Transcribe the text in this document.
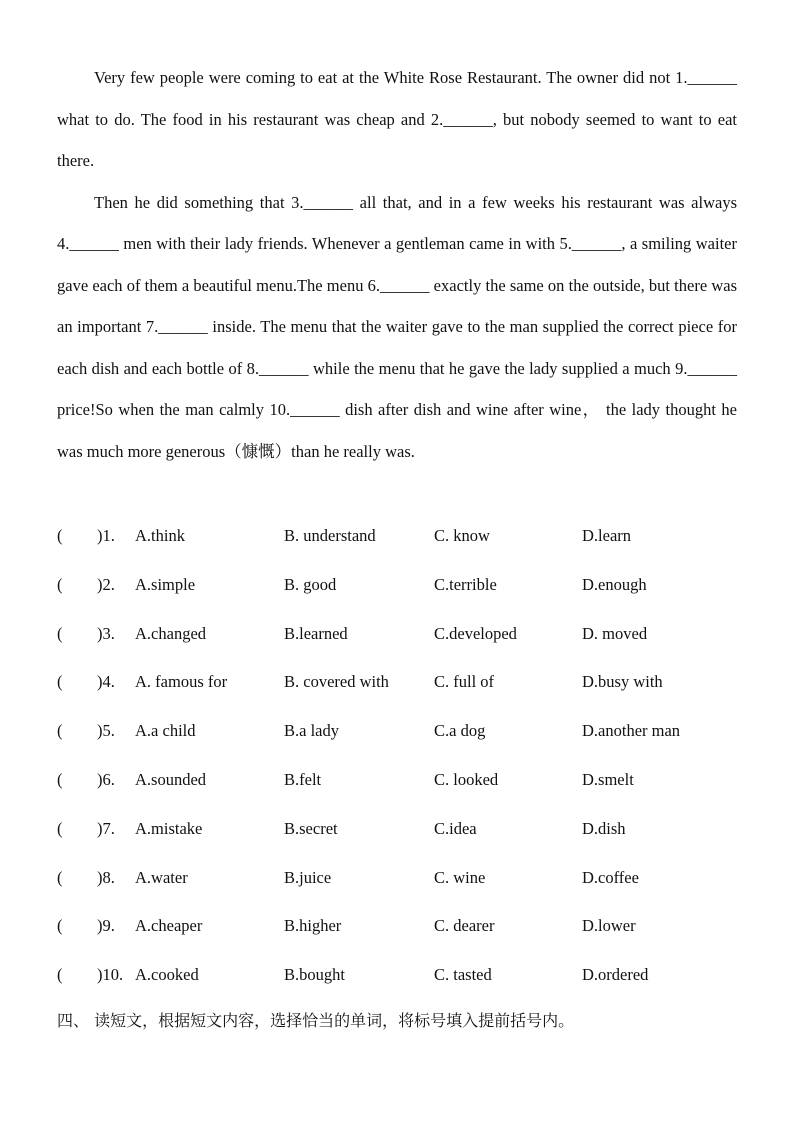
Very few people were coming to eat at the White Rose Restaurant. The owner did not 1.______ what to do. The food in his restaurant was cheap and 2.______, but nobody seemed to want to eat there.

Then he did something that 3.______ all that, and in a few weeks his restaurant was always 4.______ men with their lady friends. Whenever a gentleman came in with 5.______, a smiling waiter gave each of them a beautiful menu.The menu 6.______ exactly the same on the outside, but there was an important 7.______ inside. The menu that the waiter gave to the man supplied the correct piece for each dish and each bottle of 8.______ while the menu that he gave the lady supplied a much 9.______ price!So when the man calmly 10.______ dish after dish and wine after wine， the lady thought he was much more generous（慷慨）than he really was.

( )1. A.think	B. understand	C. know	D.learn
( )2. A.simple	B. good	C.terrible	D.enough
( )3. A.changed	B.learned	C.developed	D. moved
( )4. A. famous for	B. covered with	C. full of	D.busy with
( )5. A.a child	B.a lady	C.a dog	D.another man
( )6. A.sounded	B.felt	C. looked	D.smelt
( )7. A.mistake	B.secret	C.idea	D.dish
( )8. A.water	B.juice	C. wine	D.coffee
( )9. A.cheaper	B.higher	C. dearer	D.lower
( )10. A.cooked	B.bought	C. tasted	D.ordered
四、 读短文，根据短文内容，选择恰当的单词，将标号填入提前括号内。
